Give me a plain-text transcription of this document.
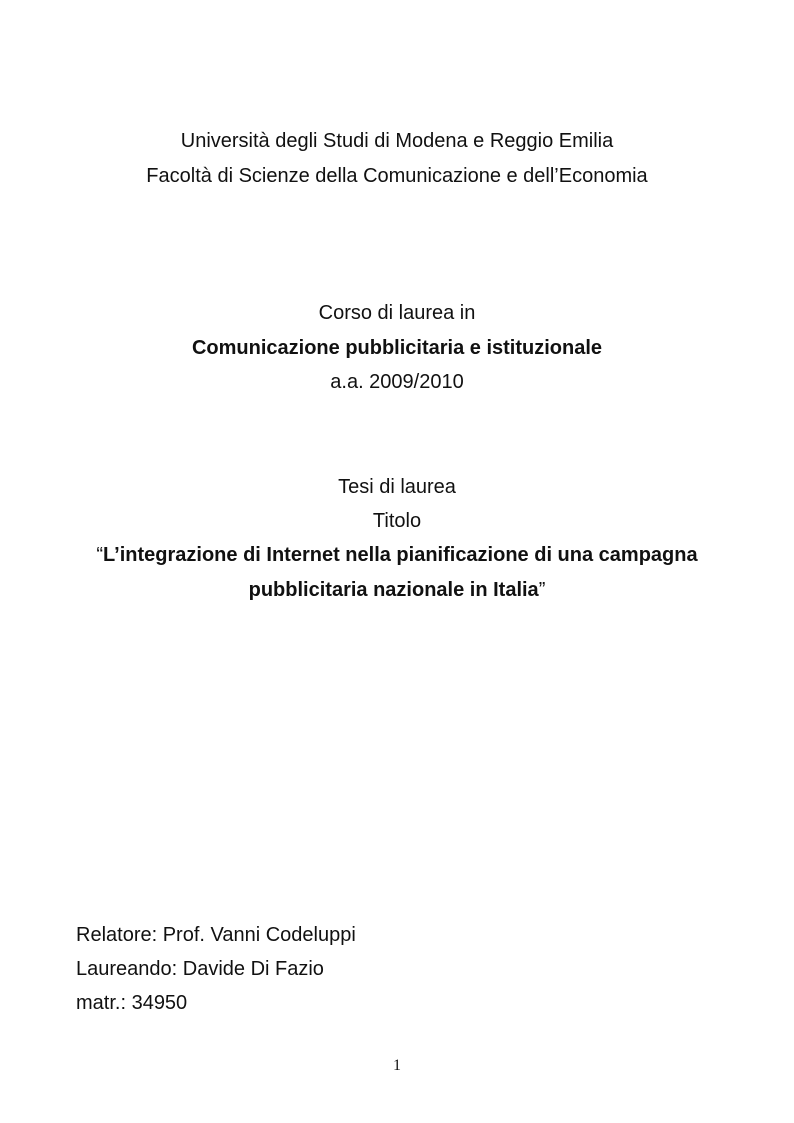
Università degli Studi di Modena e Reggio Emilia
Facoltà di Scienze della Comunicazione e dell’Economia
Corso di laurea in
Comunicazione pubblicitaria e istituzionale
a.a. 2009/2010
Tesi di laurea
Titolo
“L’integrazione di Internet nella pianificazione di una campagna
pubblicitaria nazionale in Italia”
Relatore: Prof. Vanni Codeluppi
Laureando: Davide Di Fazio
matr.: 34950
1
